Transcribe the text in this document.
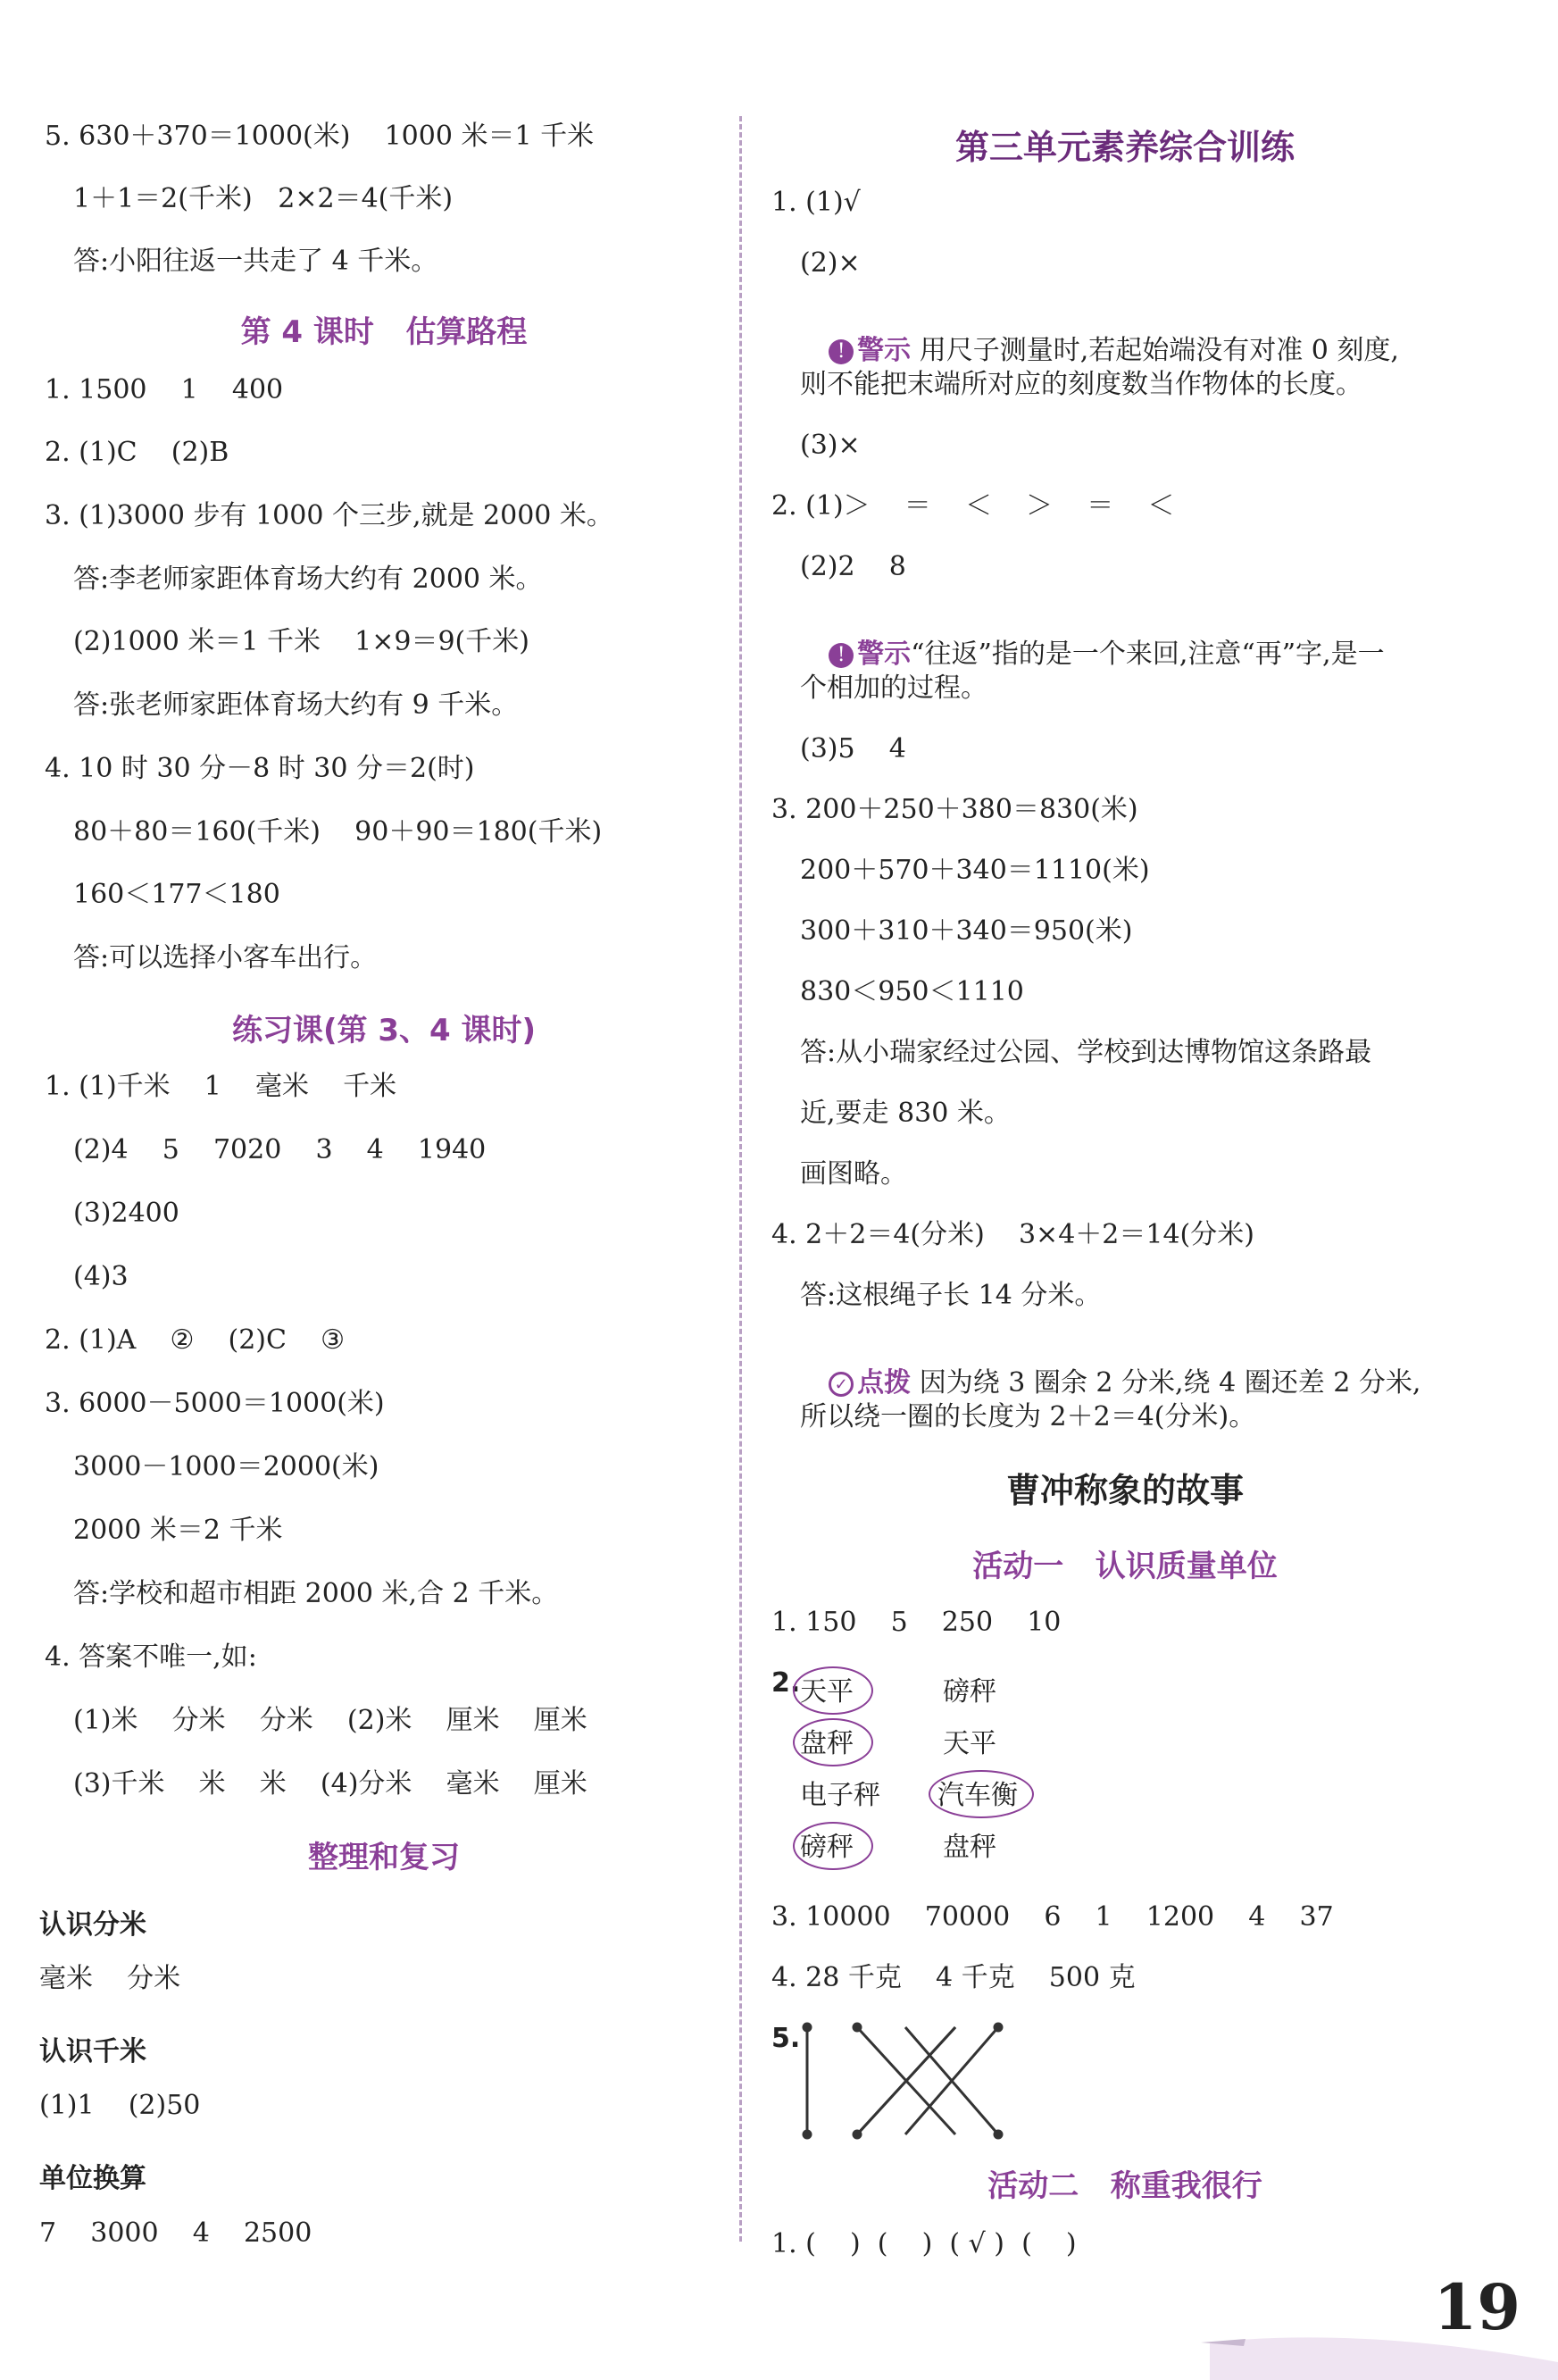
5. 630＋370＝1000(米)    1000 米＝1 千米
1＋1＝2(千米)   2×2＝4(千米)
答:小阳往返一共走了 4 千米。
第 4 课时   估算路程
1. 1500    1    400
2. (1)C    (2)B
3. (1)3000 步有 1000 个三步,就是 2000 米。
答:李老师家距体育场大约有 2000 米。
(2)1000 米＝1 千米    1×9＝9(千米)
答:张老师家距体育场大约有 9 千米。
4. 10 时 30 分－8 时 30 分＝2(时)
80＋80＝160(千米)    90＋90＝180(千米)
160＜177＜180
答:可以选择小客车出行。
练习课(第 3、4 课时)
1. (1)千米    1    毫米    千米
(2)4    5    7020    3    4    1940
(3)2400
(4)3
2. (1)A    ②    (2)C    ③
3. 6000－5000＝1000(米)
3000－1000＝2000(米)
2000 米＝2 千米
答:学校和超市相距 2000 米,合 2 千米。
4. 答案不唯一,如:
(1)米    分米    分米    (2)米    厘米    厘米
(3)千米    米    米    (4)分米    毫米    厘米
整理和复习
认识分米
毫米    分米
认识千米
(1)1    (2)50
单位换算
7    3000    4    2500
第三单元素养综合训练
1. (1)√
(2)×

! 警示 用尺子测量时,若起始端没有对准 0 刻度,

则不能把末端所对应的刻度数当作物体的长度。
(3)×
2. (1)＞    ＝    ＜    ＞    ＝    ＜
(2)2    8

! 警示“往返”指的是一个来回,注意“再”字,是一

个相加的过程。
(3)5    4
3. 200＋250＋380＝830(米)
200＋570＋340＝1110(米)
300＋310＋340＝950(米)
830＜950＜1110
答:从小瑞家经过公园、学校到达博物馆这条路最
近,要走 830 米。
画图略。
4. 2＋2＝4(分米)    3×4＋2＝14(分米)
答:这根绳子长 14 分米。

✓ 点拨 因为绕 3 圈余 2 分米,绕 4 圈还差 2 分米,

所以绕一圈的长度为 2＋2＝4(分米)。
曹冲称象的故事
活动一   认识质量单位
1. 150    5    250    10
2. 天平
盘秤
电子秤
磅秤
磅秤
天平
汽车衡
盘秤
3. 10000    70000    6    1    1200    4    37
4. 28 千克    4 千克    500 克
5.
活动二   称重我很行
1. (    )  (    )  ( √ )  (    )
19
